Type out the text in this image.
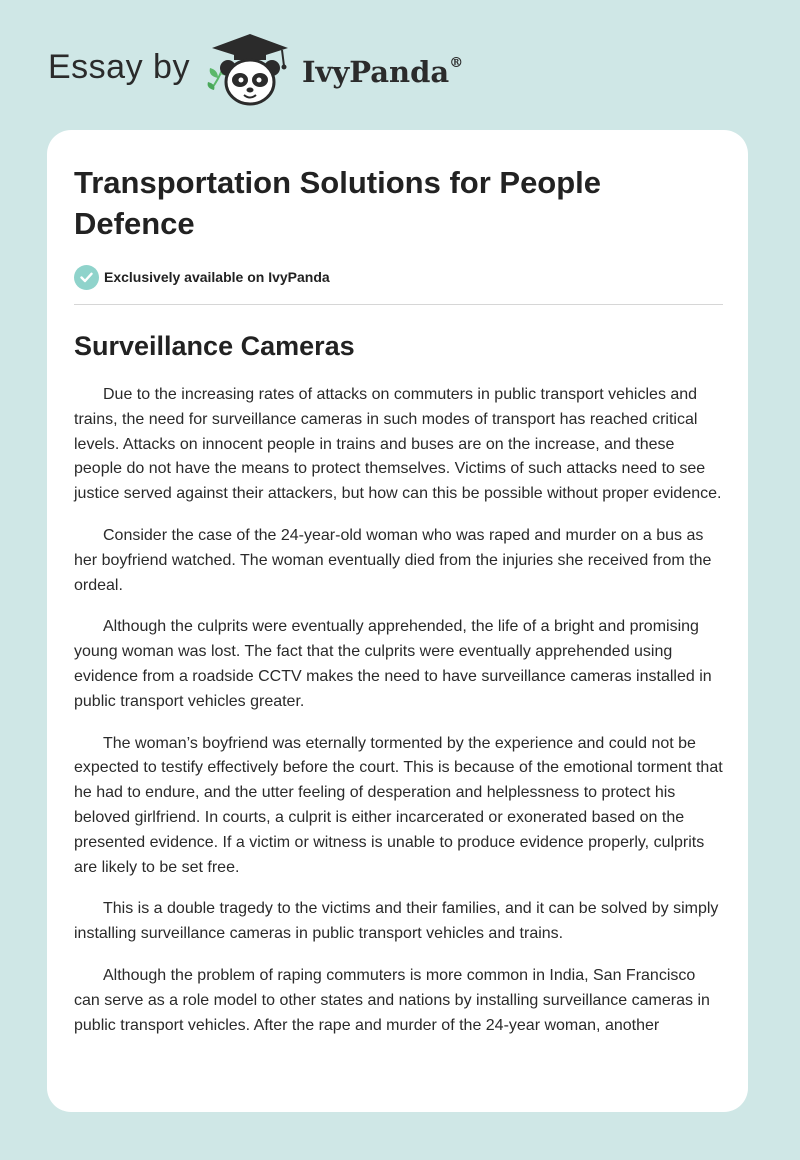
Essay by	IvyPanda®
Transportation Solutions for People Defence
Exclusively available on IvyPanda
Surveillance Cameras

Due to the increasing rates of attacks on commuters in public transport vehicles and trains, the need for surveillance cameras in such modes of transport has reached critical levels. Attacks on innocent people in trains and buses are on the increase, and these people do not have the means to protect themselves. Victims of such attacks need to see justice served against their attackers, but how can this be possible without proper evidence.

Consider the case of the 24-year-old woman who was raped and murder on a bus as her boyfriend watched. The woman eventually died from the injuries she received from the ordeal.

Although the culprits were eventually apprehended, the life of a bright and promising young woman was lost. The fact that the culprits were eventually apprehended using evidence from a roadside CCTV makes the need to have surveillance cameras installed in public transport vehicles greater.

The woman’s boyfriend was eternally tormented by the experience and could not be expected to testify effectively before the court. This is because of the emotional torment that he had to endure, and the utter feeling of desperation and helplessness to protect his beloved girlfriend. In courts, a culprit is either incarcerated or exonerated based on the presented evidence. If a victim or witness is unable to produce evidence properly, culprits are likely to be set free.

This is a double tragedy to the victims and their families, and it can be solved by simply installing surveillance cameras in public transport vehicles and trains.

Although the problem of raping commuters is more common in India, San Francisco can serve as a role model to other states and nations by installing surveillance cameras in public transport vehicles. After the rape and murder of the 24-year woman, another
